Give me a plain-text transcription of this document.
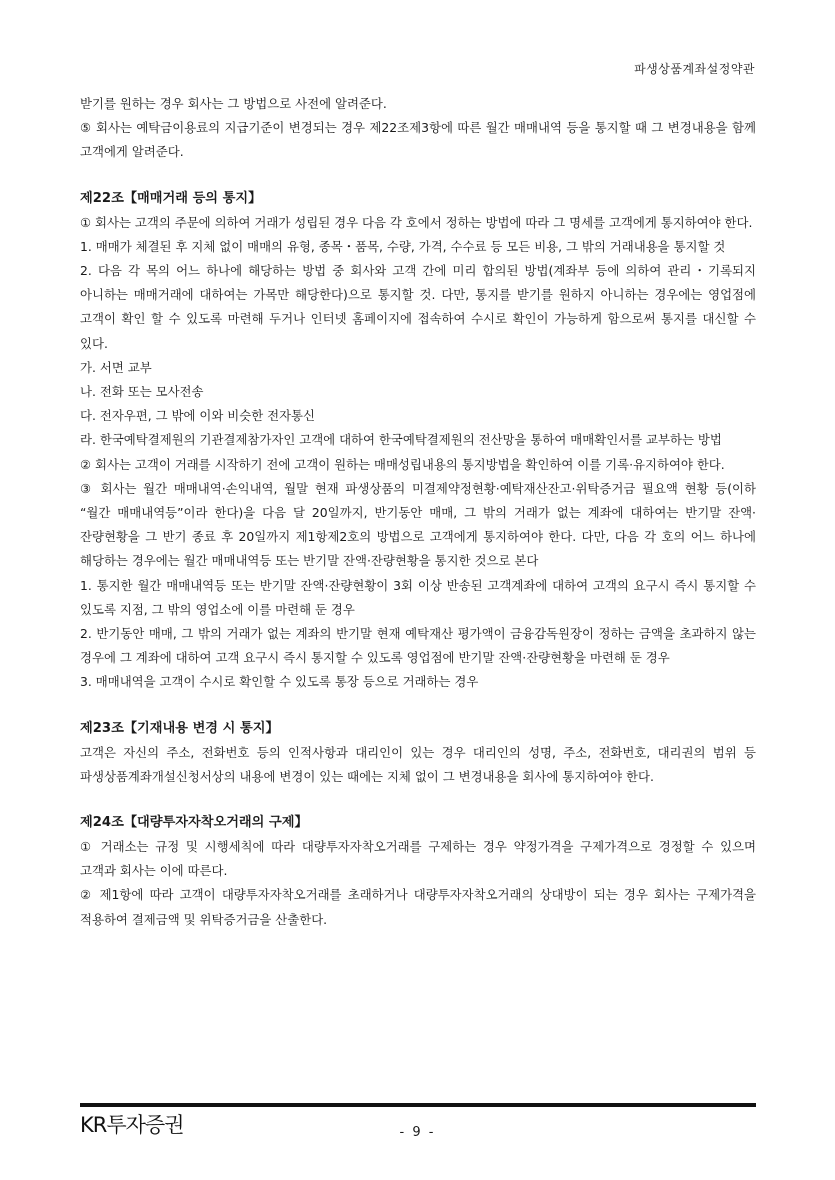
파생상품계좌설정약관

받기를 원하는 경우 회사는 그 방법으로 사전에 알려준다.

⑤ 회사는 예탁금이용료의 지급기준이 변경되는 경우 제22조제3항에 따른 월간 매매내역 등을 통지할 때 그 변경내용을 함께 고객에게 알려준다.

제22조【매매거래 등의 통지】

① 회사는 고객의 주문에 의하여 거래가 성립된 경우 다음 각 호에서 정하는 방법에 따라 그 명세를 고객에게 통지하여야 한다.

1. 매매가 체결된 후 지체 없이 매매의 유형, 종목・품목, 수량, 가격, 수수료 등 모든 비용, 그 밖의 거래내용을 통지할 것

2. 다음 각 목의 어느 하나에 해당하는 방법 중 회사와 고객 간에 미리 합의된 방법(계좌부 등에 의하여 관리・기록되지 아니하는 매매거래에 대하여는 가목만 해당한다)으로 통지할 것. 다만, 통지를 받기를 원하지 아니하는 경우에는 영업점에 고객이 확인 할 수 있도록 마련해 두거나 인터넷 홈페이지에 접속하여 수시로 확인이 가능하게 함으로써 통지를 대신할 수 있다.

가. 서면 교부

나. 전화 또는 모사전송

다. 전자우편, 그 밖에 이와 비슷한 전자통신

라. 한국예탁결제원의 기관결제참가자인 고객에 대하여 한국예탁결제원의 전산망을 통하여 매매확인서를 교부하는 방법

② 회사는 고객이 거래를 시작하기 전에 고객이 원하는 매매성립내용의 통지방법을 확인하여 이를 기록·유지하여야 한다.

③ 회사는 월간 매매내역·손익내역, 월말 현재 파생상품의 미결제약정현황·예탁재산잔고·위탁증거금 필요액 현황 등(이하 “월간 매매내역등”이라 한다)을 다음 달 20일까지, 반기동안 매매, 그 밖의 거래가 없는 계좌에 대하여는 반기말 잔액·잔량현황을 그 반기 종료 후 20일까지 제1항제2호의 방법으로 고객에게 통지하여야 한다. 다만, 다음 각 호의 어느 하나에 해당하는 경우에는 월간 매매내역등 또는 반기말 잔액·잔량현황을 통지한 것으로 본다

1. 통지한 월간 매매내역등 또는 반기말 잔액·잔량현황이 3회 이상 반송된 고객계좌에 대하여 고객의 요구시 즉시 통지할 수 있도록 지점, 그 밖의 영업소에 이를 마련해 둔 경우

2. 반기동안 매매, 그 밖의 거래가 없는 계좌의 반기말 현재 예탁재산 평가액이 금융감독원장이 정하는 금액을 초과하지 않는 경우에 그 계좌에 대하여 고객 요구시 즉시 통지할 수 있도록 영업점에 반기말 잔액·잔량현황을 마련해 둔 경우

3. 매매내역을 고객이 수시로 확인할 수 있도록 통장 등으로 거래하는 경우

제23조【기재내용 변경 시 통지】

고객은 자신의 주소, 전화번호 등의 인적사항과 대리인이 있는 경우 대리인의 성명, 주소, 전화번호, 대리권의 범위 등 파생상품계좌개설신청서상의 내용에 변경이 있는 때에는 지체 없이 그 변경내용을 회사에 통지하여야 한다.

제24조【대량투자자착오거래의 구제】

① 거래소는 규정 및 시행세칙에 따라 대량투자자착오거래를 구제하는 경우 약정가격을 구제가격으로 경정할 수 있으며 고객과 회사는 이에 따른다.

② 제1항에 따라 고객이 대량투자자착오거래를 초래하거나 대량투자자착오거래의 상대방이 되는 경우 회사는 구제가격을 적용하여 결제금액 및 위탁증거금을 산출한다.

KR투자증권	- 9 -
